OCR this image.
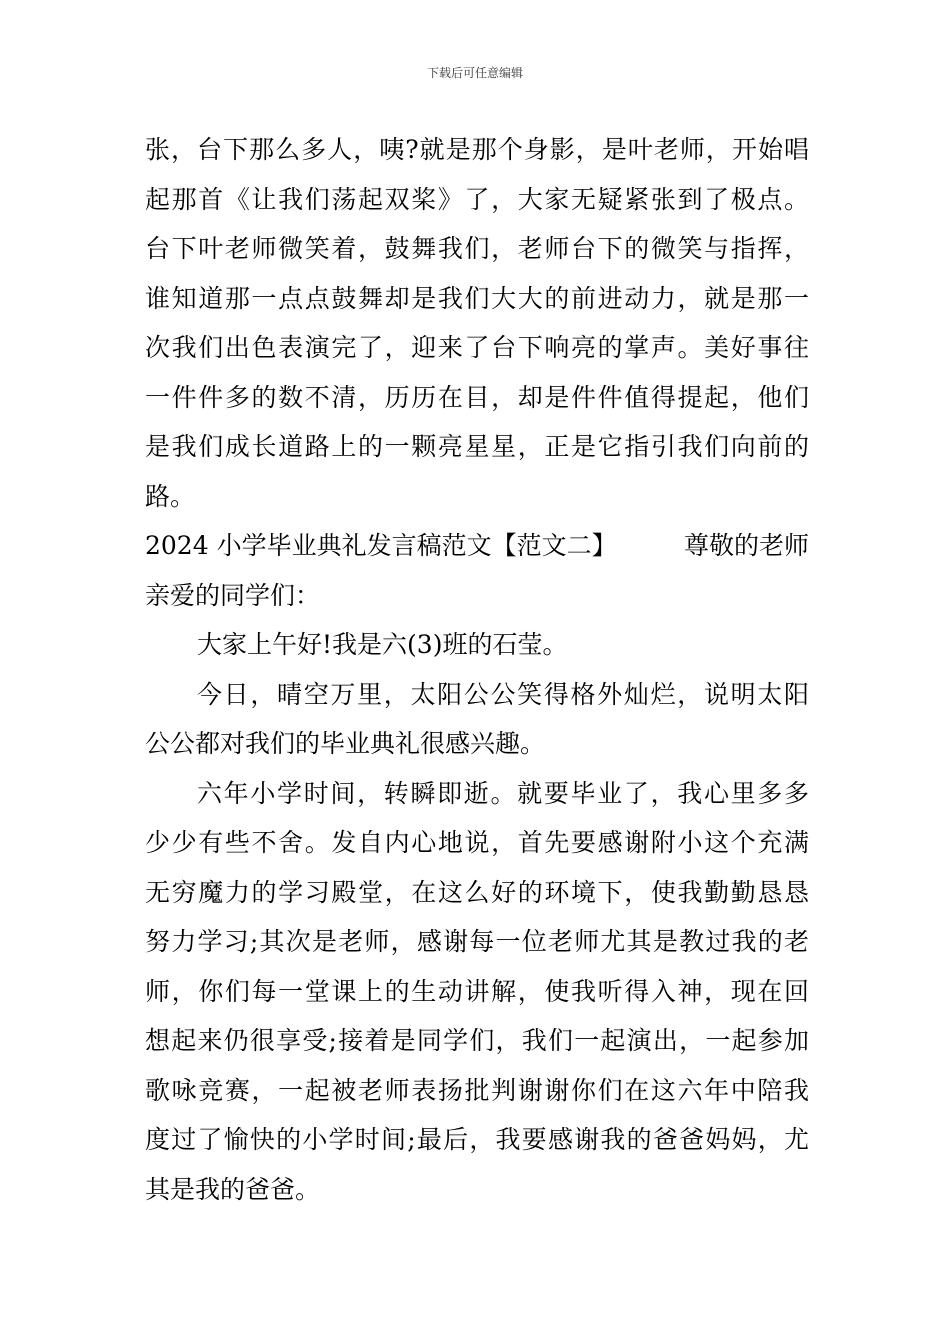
下载后可任意编辑
张，台下那么多人，咦?就是那个身影，是叶老师，开始唱
起那首《让我们荡起双桨》了，大家无疑紧张到了极点。
台下叶老师微笑着，鼓舞我们，老师台下的微笑与指挥，
谁知道那一点点鼓舞却是我们大大的前进动力，就是那一
次我们出色表演完了，迎来了台下响亮的掌声。美好事往
一件件多的数不清，历历在目，却是件件值得提起，他们
是我们成长道路上的一颗亮星星，正是它指引我们向前的
路。
2024 小学毕业典礼发言稿范文【范文二】	尊敬的老师
亲爱的同学们：
大家上午好!我是六(3)班的石莹。
今日，晴空万里，太阳公公笑得格外灿烂，说明太阳
公公都对我们的毕业典礼很感兴趣。
六年小学时间，转瞬即逝。就要毕业了，我心里多多
少少有些不舍。发自内心地说，首先要感谢附小这个充满
无穷魔力的学习殿堂，在这么好的环境下，使我勤勤恳恳
努力学习;其次是老师，感谢每一位老师尤其是教过我的老
师，你们每一堂课上的生动讲解，使我听得入神，现在回
想起来仍很享受;接着是同学们，我们一起演出，一起参加
歌咏竞赛，一起被老师表扬批判谢谢你们在这六年中陪我
度过了愉快的小学时间;最后，我要感谢我的爸爸妈妈，尤
其是我的爸爸。
